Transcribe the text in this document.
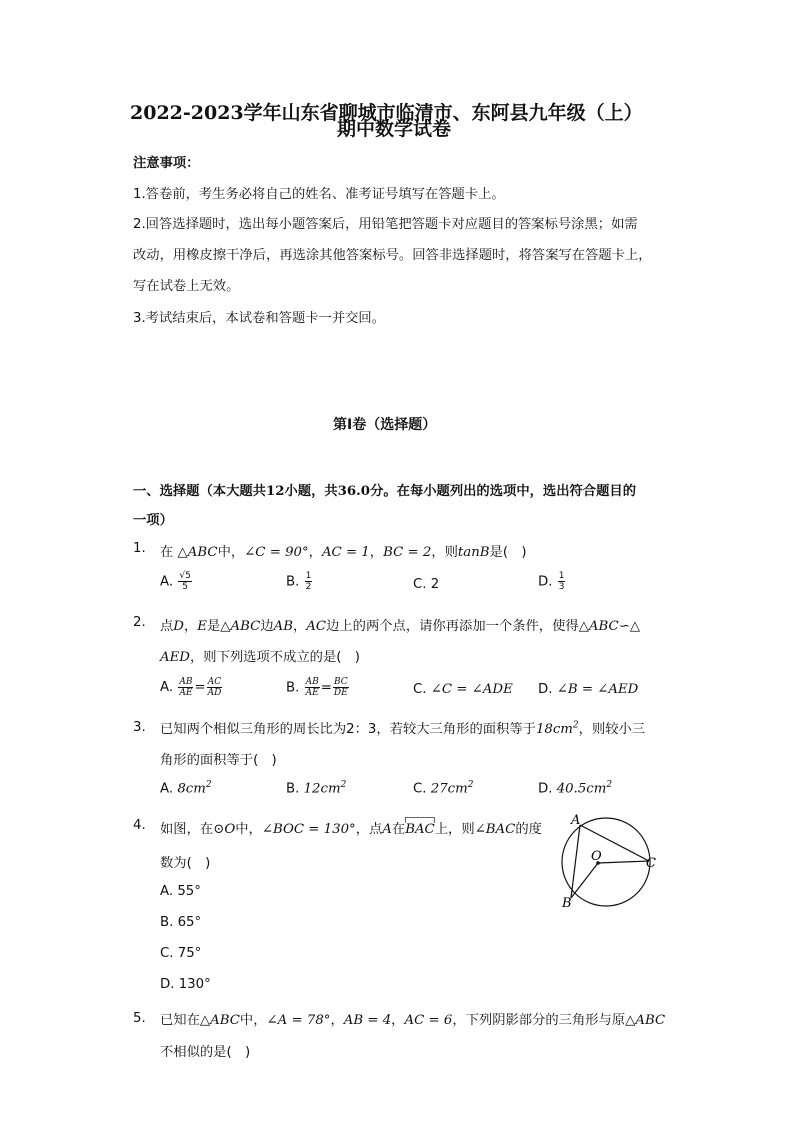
2022-2023学年山东省聊城市临清市、东阿县九年级（上）
期中数学试卷
注意事项：
1.答卷前，考生务必将自己的姓名、准考证号填写在答题卡上。
2.回答选择题时，选出每小题答案后，用铅笔把答题卡对应题目的答案标号涂黑；如需
改动，用橡皮擦干净后，再选涂其他答案标号。回答非选择题时，将答案写在答题卡上，
写在试卷上无效。
3.考试结束后，本试卷和答题卡一并交回。
第I卷（选择题）
一、选择题（本大题共12小题，共36.0分。在每小题列出的选项中，选出符合题目的
一项）
1. 在 △ABC中，∠C = 90°，AC = 1，BC = 2，则tanB是(　)
A. $\frac{√5}{5}$	B. $\frac{1}{2}$	C. 2	D. $\frac{1}{3}$
2. 点D，E是△ABC边AB，AC边上的两个点，请你再添加一个条件，使得△ABC∽△
AED，则下列选项不成立的是(　)
A. $\frac{AB}{AE} = \frac{AC}{AD}$	B. $\frac{AB}{AE} = \frac{BC}{DE}$	C. ∠C = ∠ADE D. ∠B = ∠AED
3. 已知两个相似三角形的周长比为2：3，若较大三角形的面积等于$18cm^2$，则较小三
角形的面积等于(　)
A. $8cm^2$	B. $12cm^2$	C. $27cm^2$	D. $40.5cm^2$
4. 如图，在⊙O中，∠BOC = 130°，点A在BAC上，则∠BAC的度
数为(　)
A. 55°
B. 65°
C. 75°
D. 130°
A
O
B
C
5. 已知在△ABC中，∠A = 78°，AB = 4，AC = 6，下列阴影部分的三角形与原△ABC
不相似的是(　)
